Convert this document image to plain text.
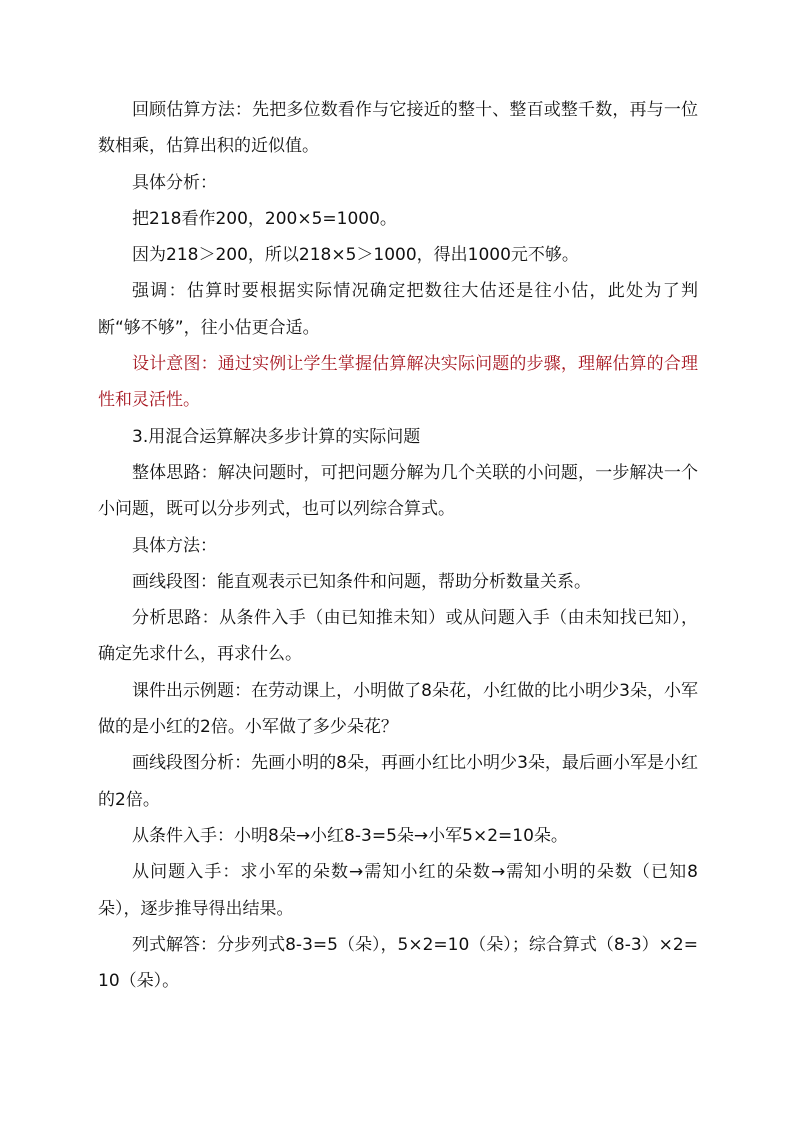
回顾估算方法：先把多位数看作与它接近的整十、整百或整千数，再与一位数相乘，估算出积的近似值。

具体分析：

把218看作200，200×5=1000。

因为218＞200，所以218×5＞1000，得出1000元不够。

强调：估算时要根据实际情况确定把数往大估还是往小估，此处为了判断“够不够”，往小估更合适。

设计意图：通过实例让学生掌握估算解决实际问题的步骤，理解估算的合理性和灵活性。

3.用混合运算解决多步计算的实际问题

整体思路：解决问题时，可把问题分解为几个关联的小问题，一步解决一个小问题，既可以分步列式，也可以列综合算式。

具体方法：

画线段图：能直观表示已知条件和问题，帮助分析数量关系。

分析思路：从条件入手（由已知推未知）或从问题入手（由未知找已知），确定先求什么，再求什么。

课件出示例题：在劳动课上，小明做了8朵花，小红做的比小明少3朵，小军做的是小红的2倍。小军做了多少朵花？

画线段图分析：先画小明的8朵，再画小红比小明少3朵，最后画小军是小红的2倍。

从条件入手：小明8朵→小红8-3=5朵→小军5×2=10朵。

从问题入手：求小军的朵数→需知小红的朵数→需知小明的朵数（已知8朵），逐步推导得出结果。

列式解答：分步列式8-3=5（朵），5×2=10（朵）；综合算式（8-3）×2=10（朵）。
